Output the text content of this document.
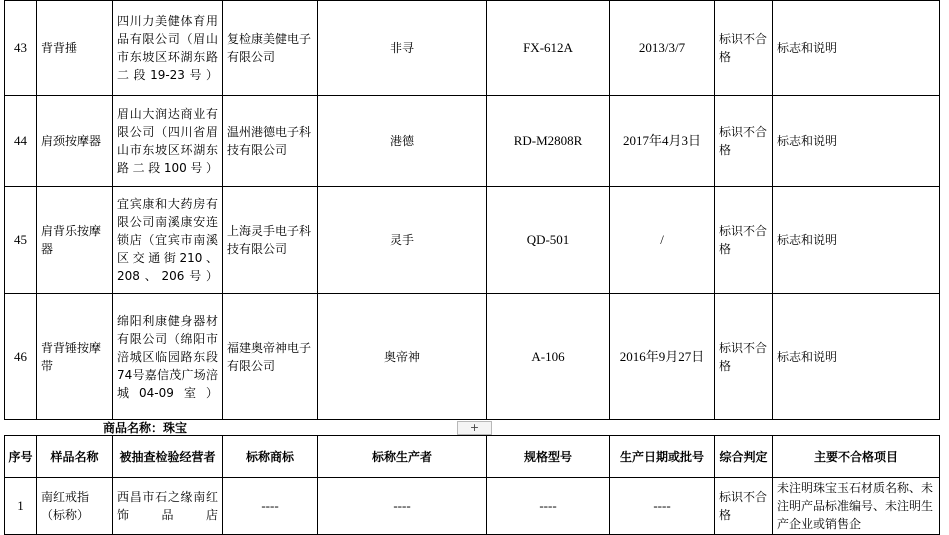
43	背背捶	四川力美健体育用品有限公司（眉山市东坡区环湖东路二段19-23号）	复检康美健电子有限公司	非寻	FX-612A	2013/3/7	标识不合格	标志和说明
44	肩颈按摩器	眉山大润达商业有限公司（四川省眉山市东坡区环湖东路二段100号）	温州港德电子科技有限公司	港德	RD-M2808R	2017年4月3日	标识不合格	标志和说明
45	肩背乐按摩器	宜宾康和大药房有限公司南溪康安连锁店（宜宾市南溪区交通街210、208、206号）	上海灵手电子科技有限公司	灵手	QD-501	/	标识不合格	标志和说明
46	背背锤按摩带	绵阳利康健身器材有限公司（绵阳市涪城区临园路东段74号嘉信茂广场涪城04-09室）	福建奥帝神电子有限公司	奥帝神	A-106	2016年9月27日	标识不合格	标志和说明
商品名称：珠宝	+
序号	样品名称	被抽查检验经营者	标称商标	标称生产者	规格型号	生产日期或批号	综合判定	主要不合格项目
1	南红戒指（标称）	西昌市石之缘南红饰品店	----	----	----	----	标识不合格	未注明珠宝玉石材质名称、未注明产品标准编号、未注明生产企业或销售企
